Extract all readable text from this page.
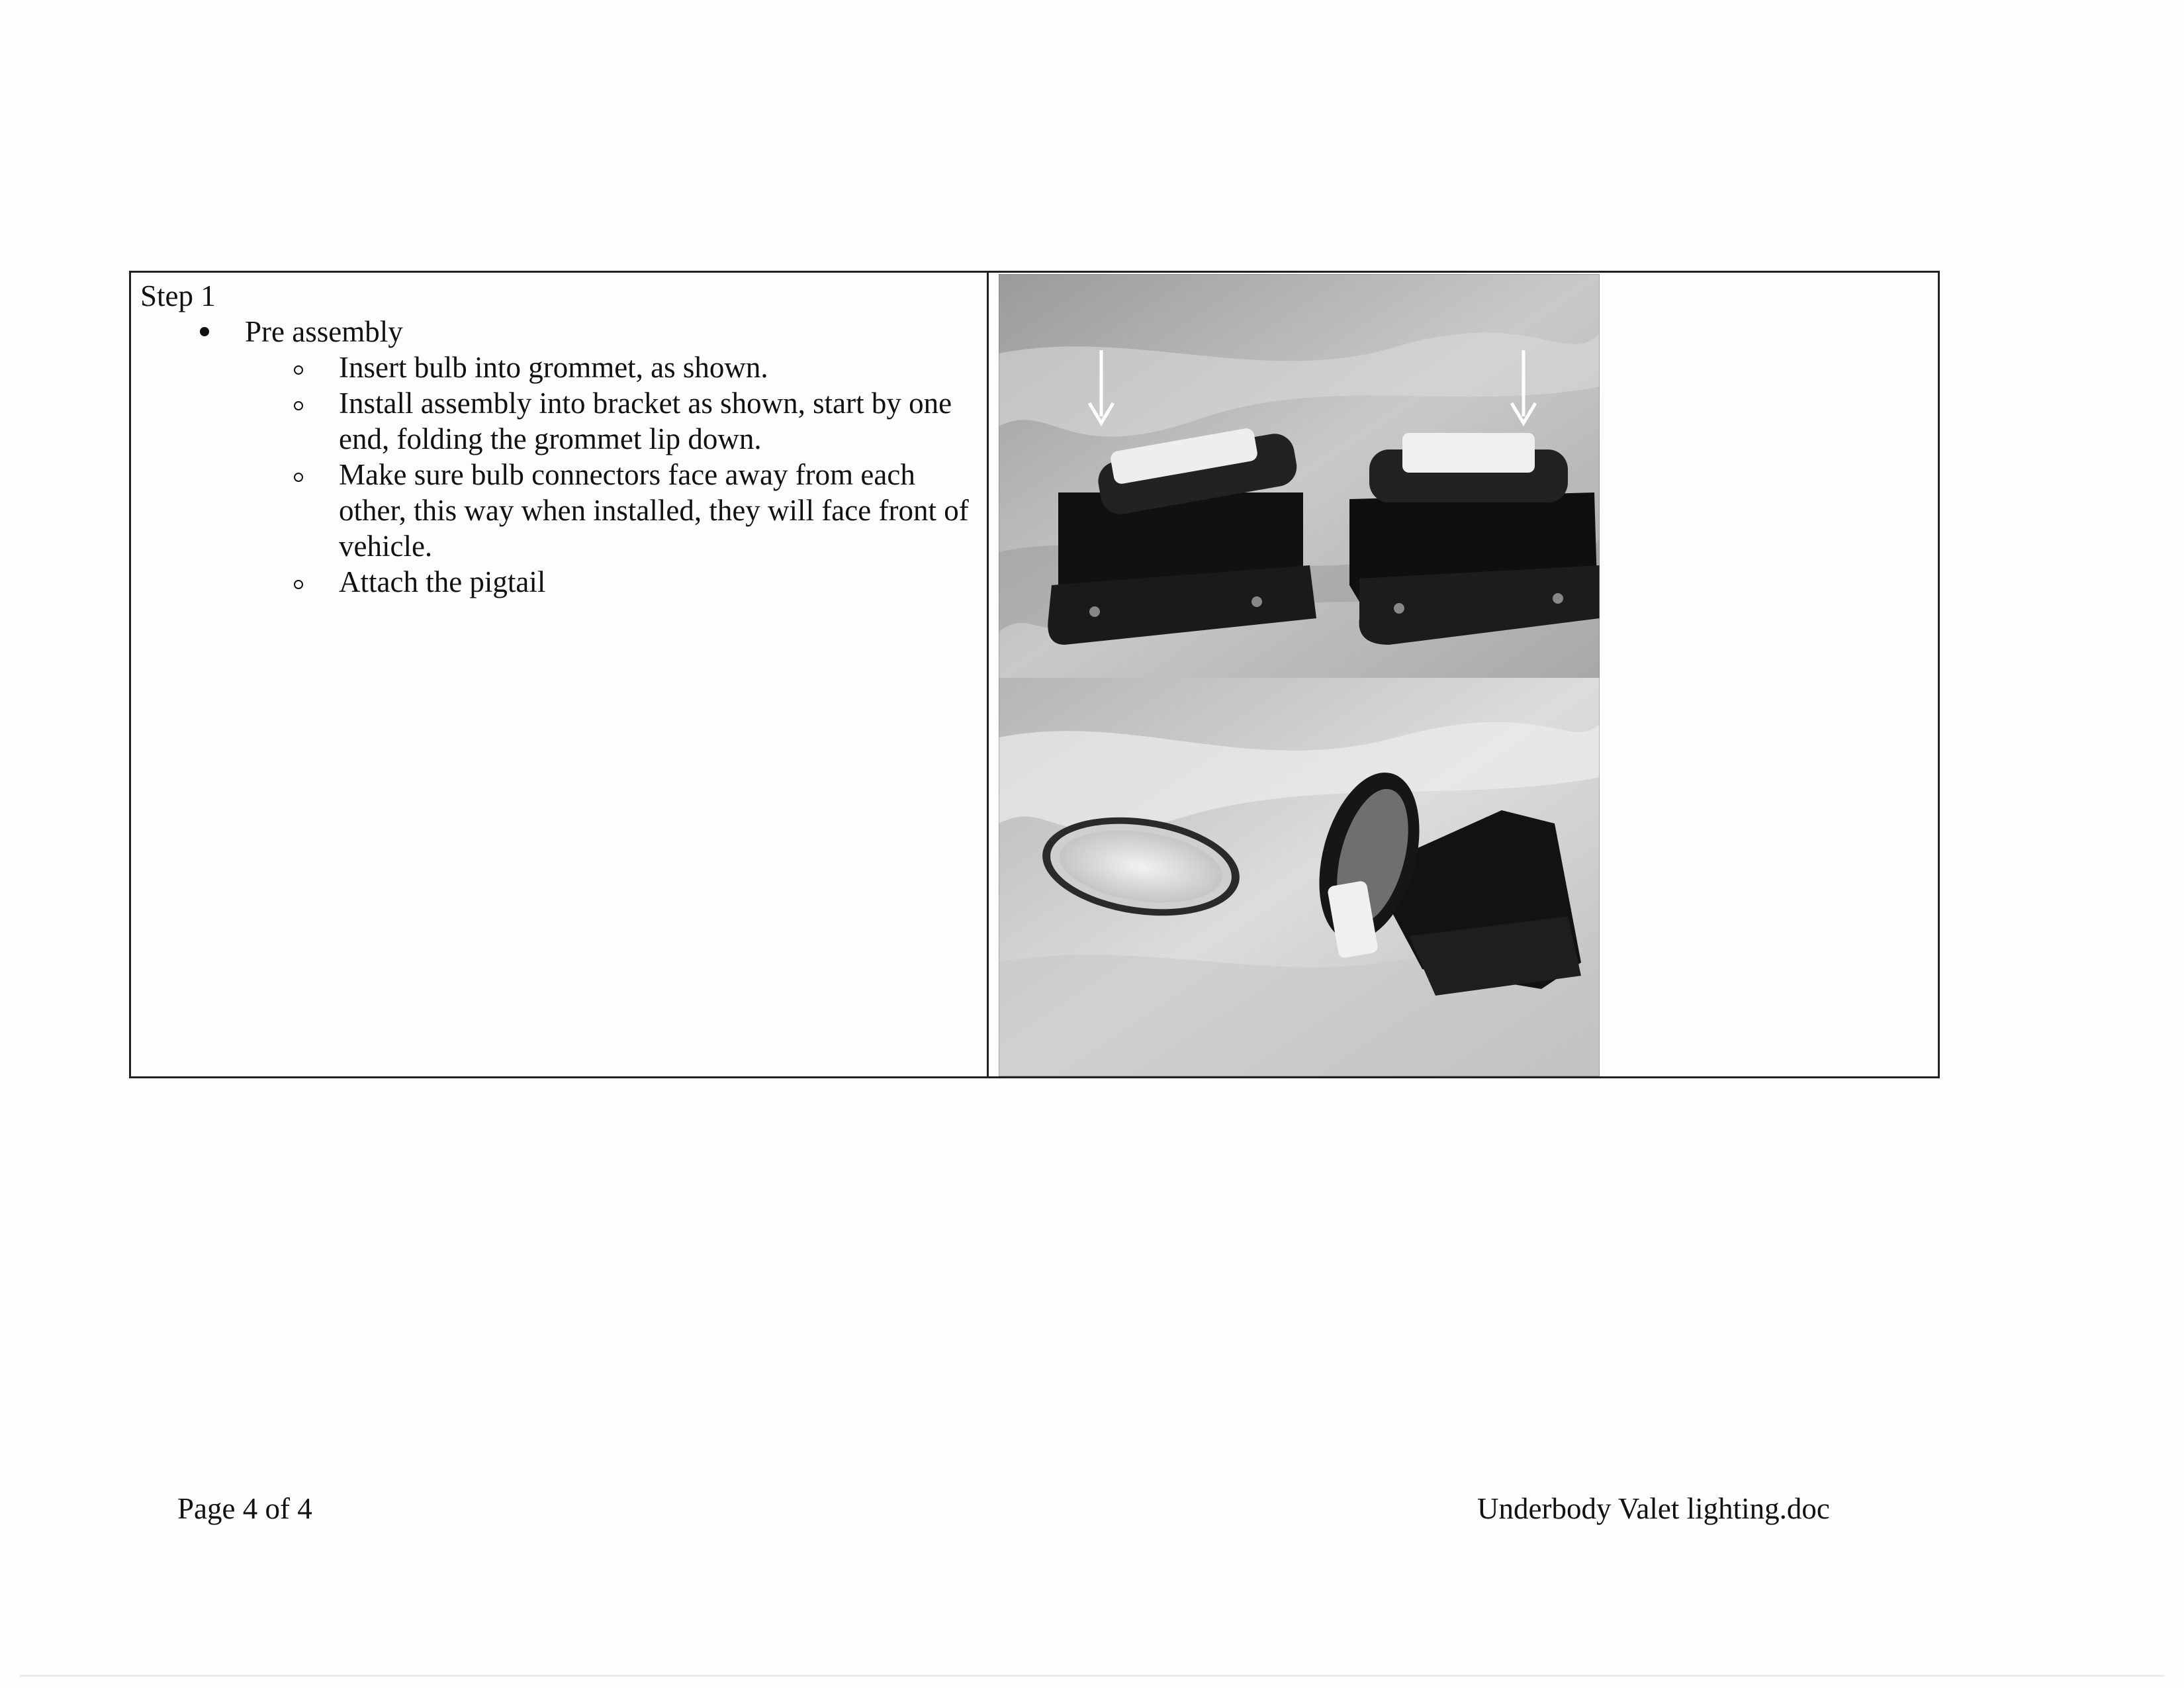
Step 1
Pre assembly
Insert bulb into grommet, as shown.
Install assembly into bracket as shown, start by one end, folding the grommet lip down.
Make sure bulb connectors face away from each other, this way when installed, they will face front of vehicle.
Attach the pigtail
Page 4 of 4	Underbody Valet lighting.doc
